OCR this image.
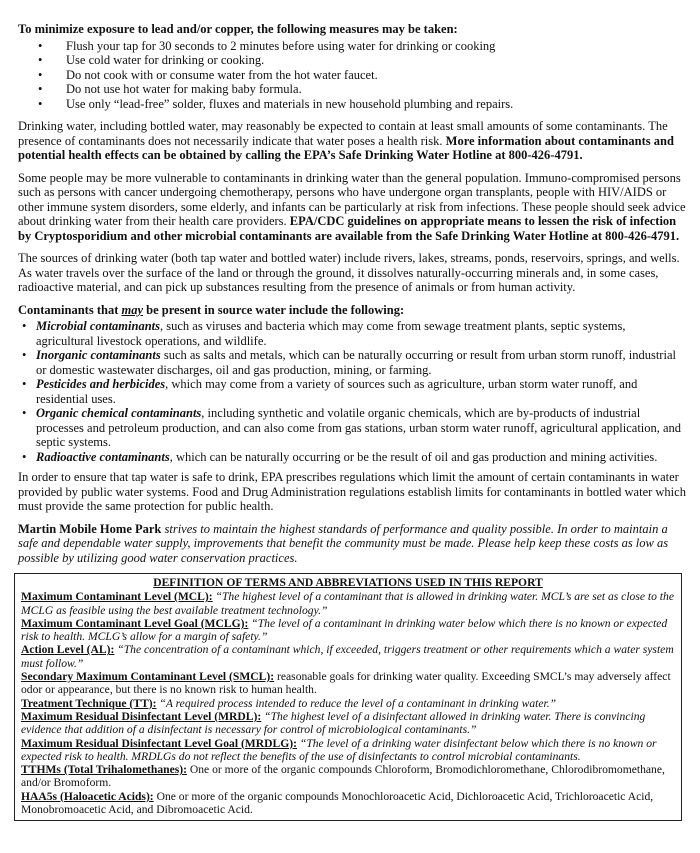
To minimize exposure to lead and/or copper, the following measures may be taken:
• Flush your tap for 30 seconds to 2 minutes before using water for drinking or cooking
• Use cold water for drinking or cooking.
• Do not cook with or consume water from the hot water faucet.
• Do not use hot water for making baby formula.
• Use only “lead-free” solder, fluxes and materials in new household plumbing and repairs.

Drinking water, including bottled water, may reasonably be expected to contain at least small amounts of some contaminants. The presence of contaminants does not necessarily indicate that water poses a health risk. More information about contaminants and potential health effects can be obtained by calling the EPA’s Safe Drinking Water Hotline at 800-426-4791.

Some people may be more vulnerable to contaminants in drinking water than the general population. Immuno-compromised persons such as persons with cancer undergoing chemotherapy, persons who have undergone organ transplants, people with HIV/AIDS or other immune system disorders, some elderly, and infants can be particularly at risk from infections. These people should seek advice about drinking water from their health care providers. EPA/CDC guidelines on appropriate means to lessen the risk of infection by Cryptosporidium and other microbial contaminants are available from the Safe Drinking Water Hotline at 800-426-4791.

The sources of drinking water (both tap water and bottled water) include rivers, lakes, streams, ponds, reservoirs, springs, and wells. As water travels over the surface of the land or through the ground, it dissolves naturally-occurring minerals and, in some cases, radioactive material, and can pick up substances resulting from the presence of animals or from human activity.

Contaminants that may be present in source water include the following:
• Microbial contaminants, such as viruses and bacteria which may come from sewage treatment plants, septic systems, agricultural livestock operations, and wildlife.
• Inorganic contaminants such as salts and metals, which can be naturally occurring or result from urban storm runoff, industrial or domestic wastewater discharges, oil and gas production, mining, or farming.
• Pesticides and herbicides, which may come from a variety of sources such as agriculture, urban storm water runoff, and residential uses.
• Organic chemical contaminants, including synthetic and volatile organic chemicals, which are by-products of industrial processes and petroleum production, and can also come from gas stations, urban storm water runoff, agricultural application, and septic systems.
• Radioactive contaminants, which can be naturally occurring or be the result of oil and gas production and mining activities.

In order to ensure that tap water is safe to drink, EPA prescribes regulations which limit the amount of certain contaminants in water provided by public water systems. Food and Drug Administration regulations establish limits for contaminants in bottled water which must provide the same protection for public health.

Martin Mobile Home Park strives to maintain the highest standards of performance and quality possible. In order to maintain a safe and dependable water supply, improvements that benefit the community must be made. Please help keep these costs as low as possible by utilizing good water conservation practices.

DEFINITION OF TERMS AND ABBREVIATIONS USED IN THIS REPORT
Maximum Contaminant Level (MCL): “The highest level of a contaminant that is allowed in drinking water. MCL’s are set as close to the MCLG as feasible using the best available treatment technology.”
Maximum Contaminant Level Goal (MCLG): “The level of a contaminant in drinking water below which there is no known or expected risk to health. MCLG’s allow for a margin of safety.”
Action Level (AL): “The concentration of a contaminant which, if exceeded, triggers treatment or other requirements which a water system must follow.”
Secondary Maximum Contaminant Level (SMCL): reasonable goals for drinking water quality. Exceeding SMCL’s may adversely affect odor or appearance, but there is no known risk to human health.
Treatment Technique (TT): “A required process intended to reduce the level of a contaminant in drinking water.”
Maximum Residual Disinfectant Level (MRDL): “The highest level of a disinfectant allowed in drinking water. There is convincing evidence that addition of a disinfectant is necessary for control of microbiological contaminants.”
Maximum Residual Disinfectant Level Goal (MRDLG): “The level of a drinking water disinfectant below which there is no known or expected risk to health. MRDLGs do not reflect the benefits of the use of disinfectants to control microbial contaminants.
TTHMs (Total Trihalomethanes): One or more of the organic compounds Chloroform, Bromodichloromethane, Chlorodibromomethane, and/or Bromoform.
HAA5s (Haloacetic Acids): One or more of the organic compounds Monochloroacetic Acid, Dichloroacetic Acid, Trichloroacetic Acid, Monobromoacetic Acid, and Dibromoacetic Acid.
